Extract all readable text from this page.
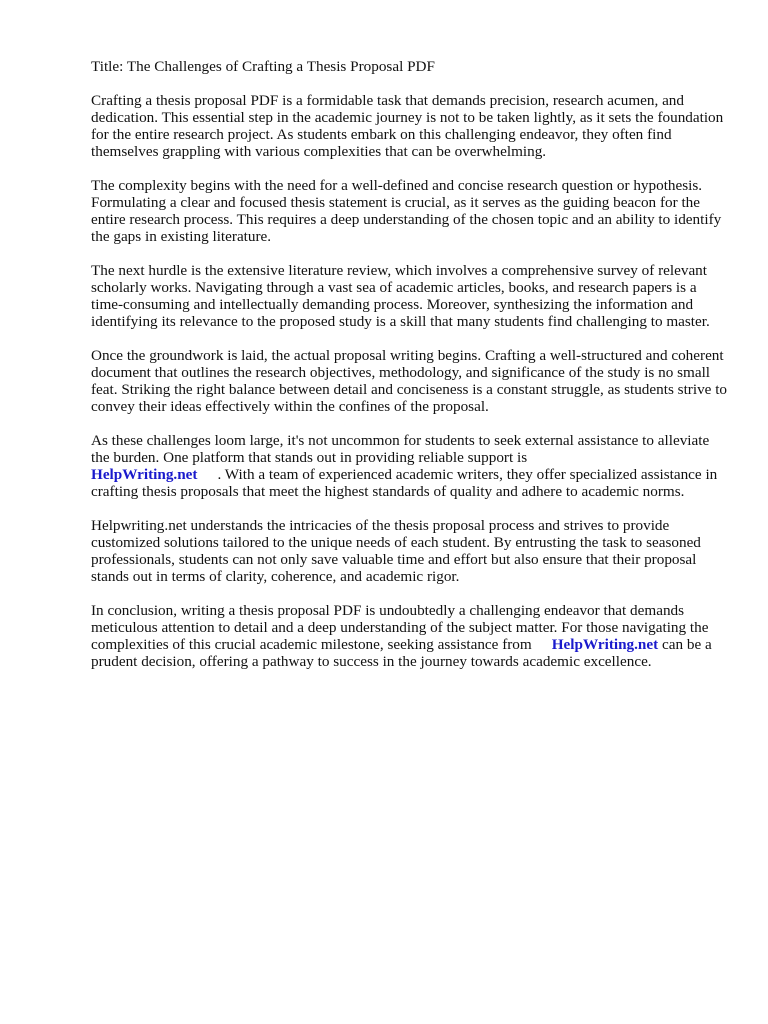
Title: The Challenges of Crafting a Thesis Proposal PDF

Crafting a thesis proposal PDF is a formidable task that demands precision, research acumen, and dedication. This essential step in the academic journey is not to be taken lightly, as it sets the foundation for the entire research project. As students embark on this challenging endeavor, they often find themselves grappling with various complexities that can be overwhelming.

The complexity begins with the need for a well-defined and concise research question or hypothesis. Formulating a clear and focused thesis statement is crucial, as it serves as the guiding beacon for the entire research process. This requires a deep understanding of the chosen topic and an ability to identify the gaps in existing literature.

The next hurdle is the extensive literature review, which involves a comprehensive survey of relevant scholarly works. Navigating through a vast sea of academic articles, books, and research papers is a time-consuming and intellectually demanding process. Moreover, synthesizing the information and identifying its relevance to the proposed study is a skill that many students find challenging to master.

Once the groundwork is laid, the actual proposal writing begins. Crafting a well-structured and coherent document that outlines the research objectives, methodology, and significance of the study is no small feat. Striking the right balance between detail and conciseness is a constant struggle, as students strive to convey their ideas effectively within the confines of the proposal.

As these challenges loom large, it's not uncommon for students to seek external assistance to alleviate the burden. One platform that stands out in providing reliable support is
HelpWriting.net . With a team of experienced academic writers, they offer specialized assistance in crafting thesis proposals that meet the highest standards of quality and adhere to academic norms.

Helpwriting.net understands the intricacies of the thesis proposal process and strives to provide customized solutions tailored to the unique needs of each student. By entrusting the task to seasoned professionals, students can not only save valuable time and effort but also ensure that their proposal stands out in terms of clarity, coherence, and academic rigor.

In conclusion, writing a thesis proposal PDF is undoubtedly a challenging endeavor that demands meticulous attention to detail and a deep understanding of the subject matter. For those navigating the complexities of this crucial academic milestone, seeking assistance from HelpWriting.net can be a prudent decision, offering a pathway to success in the journey towards academic excellence.
